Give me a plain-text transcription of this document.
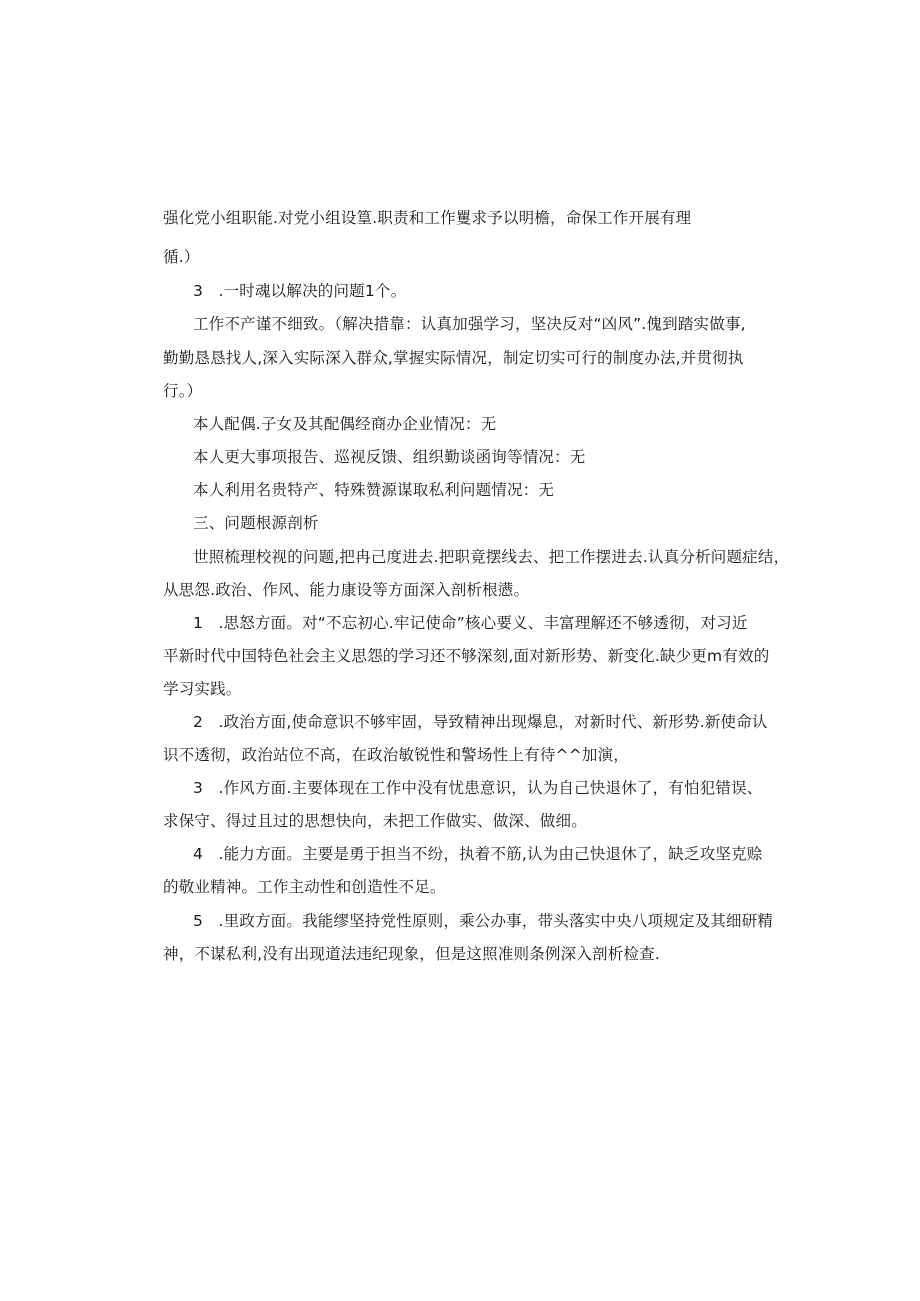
强化党小组职能.对党小组设篁.职责和工作矍求予以明檐，命保工作开展有理
循.）
3   .一时魂以解决的问题1个。
工作不产谨不细致。（解决措靠：认真加强学习，坚决反对“凶风”.傀到踏实做事,
勤勤恳恳找人,深入实际深入群众,掌握实际情况，制定切实可行的制度办法,并贯彻执
行。）
本人配偶.子女及其配偶经商办企业情况：无
本人更大事项报告、巡视反馈、组织勤谈函询等情况：无
本人利用名贵特产、特殊赞源谋取私利问题情况：无
三、问题根源剖析
世照梳理校视的问题,把冉己度进去.把职竟摆线去、把工作摆进去.认真分析问题症结，
从思怨.政治、作风、能力康设等方面深入剖析根懑。
1   .思怒方面。对“不忘初心.牢记使命”核心要义、丰富理解还不够透彻，对习近
平新时代中国特色社会主义思怨的学习还不够深刻,面对新形势、新变化.缺少更m有效的
学习实践。
2   .政治方面,使命意识不够牢固，导致精神出现爆息，对新时代、新形势.新使命认
识不透彻，政治站位不高，在政治敏锐性和警场性上有待^^加演，
3   .作风方面.主要体现在工作中没有忧患意识，认为自己快退休了，有怕犯错误、
求保守、得过且过的思想快向，未把工作做实、做深、做细。
4   .能力方面。主要是勇于担当不纷，执着不筋,认为由己快退休了，缺乏攻坚克赊
的敬业精神。工作主动性和创造性不足。
5   .里政方面。我能缪坚持党性原则，乘公办事，带头落实中央八项规定及其细研精
神，不谋私利,没有出现道法违纪现象，但是这照准则条例深入剖析检查.
